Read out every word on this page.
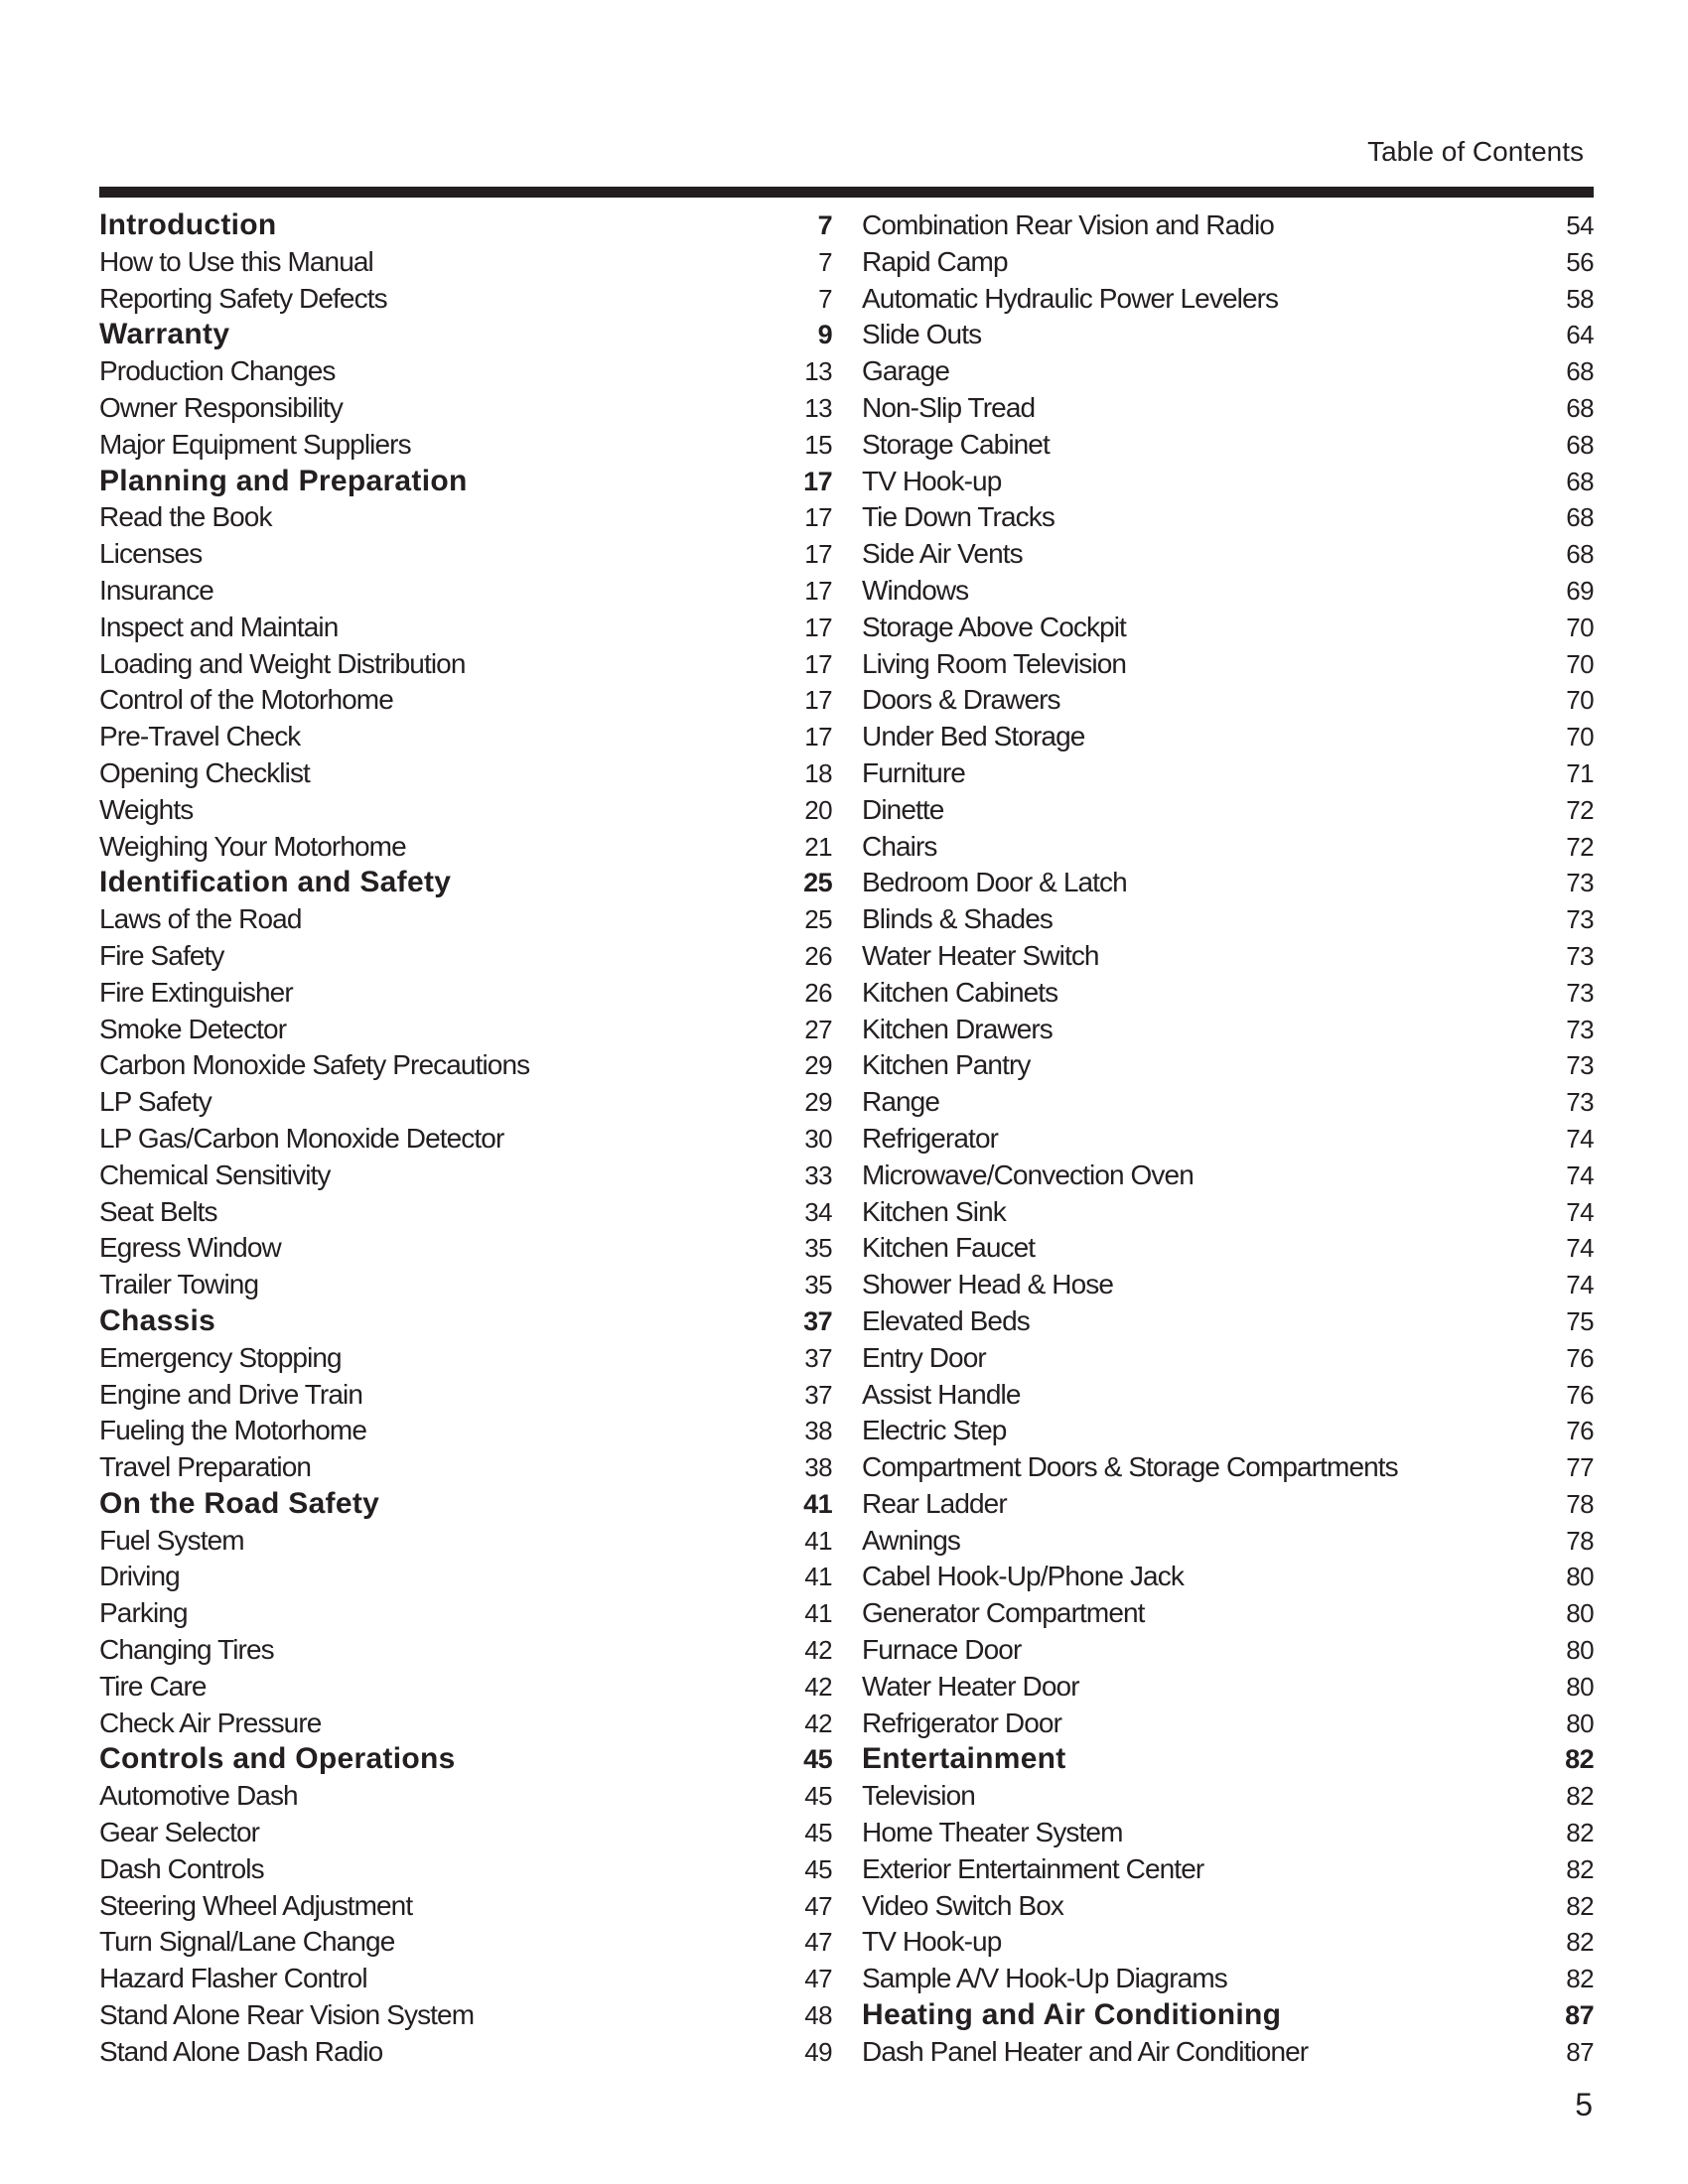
Table of Contents
Introduction	7
How to Use this Manual	7
Reporting Safety Defects	7
Warranty	9
Production Changes	13
Owner Responsibility	13
Major Equipment Suppliers	15
Planning and Preparation	17
Read the Book	17
Licenses	17
Insurance	17
Inspect and Maintain	17
Loading and Weight Distribution	17
Control of the Motorhome	17
Pre-Travel Check	17
Opening Checklist	18
Weights	20
Weighing Your Motorhome	21
Identification and Safety	25
Laws of the Road	25
Fire Safety	26
Fire Extinguisher	26
Smoke Detector	27
Carbon Monoxide Safety Precautions	29
LP Safety	29
LP Gas/Carbon Monoxide Detector	30
Chemical Sensitivity	33
Seat Belts	34
Egress Window	35
Trailer Towing	35
Chassis	37
Emergency Stopping	37
Engine and Drive Train	37
Fueling the Motorhome	38
Travel Preparation	38
On the Road Safety	41
Fuel System	41
Driving	41
Parking	41
Changing Tires	42
Tire Care	42
Check Air Pressure	42
Controls and Operations	45
Automotive Dash	45
Gear Selector	45
Dash Controls	45
Steering Wheel Adjustment	47
Turn Signal/Lane Change	47
Hazard Flasher Control	47
Stand Alone Rear Vision System	48
Stand Alone Dash Radio	49
Combination Rear Vision and Radio	54
Rapid Camp	56
Automatic Hydraulic Power Levelers	58
Slide Outs	64
Garage	68
Non-Slip Tread	68
Storage Cabinet	68
TV Hook-up	68
Tie Down Tracks	68
Side Air Vents	68
Windows	69
Storage Above Cockpit	70
Living Room Television	70
Doors & Drawers	70
Under Bed Storage	70
Furniture	71
Dinette	72
Chairs	72
Bedroom Door & Latch	73
Blinds & Shades	73
Water Heater Switch	73
Kitchen Cabinets	73
Kitchen Drawers	73
Kitchen Pantry	73
Range	73
Refrigerator	74
Microwave/Convection Oven	74
Kitchen Sink	74
Kitchen Faucet	74
Shower Head & Hose	74
Elevated Beds	75
Entry Door	76
Assist Handle	76
Electric Step	76
Compartment Doors & Storage Compartments	77
Rear Ladder	78
Awnings	78
Cabel Hook-Up/Phone Jack	80
Generator Compartment	80
Furnace Door	80
Water Heater Door	80
Refrigerator Door	80
Entertainment	82
Television	82
Home Theater System	82
Exterior Entertainment Center	82
Video Switch Box	82
TV Hook-up	82
Sample A/V Hook-Up Diagrams	82
Heating and Air Conditioning	87
Dash Panel Heater and Air Conditioner	87
5
